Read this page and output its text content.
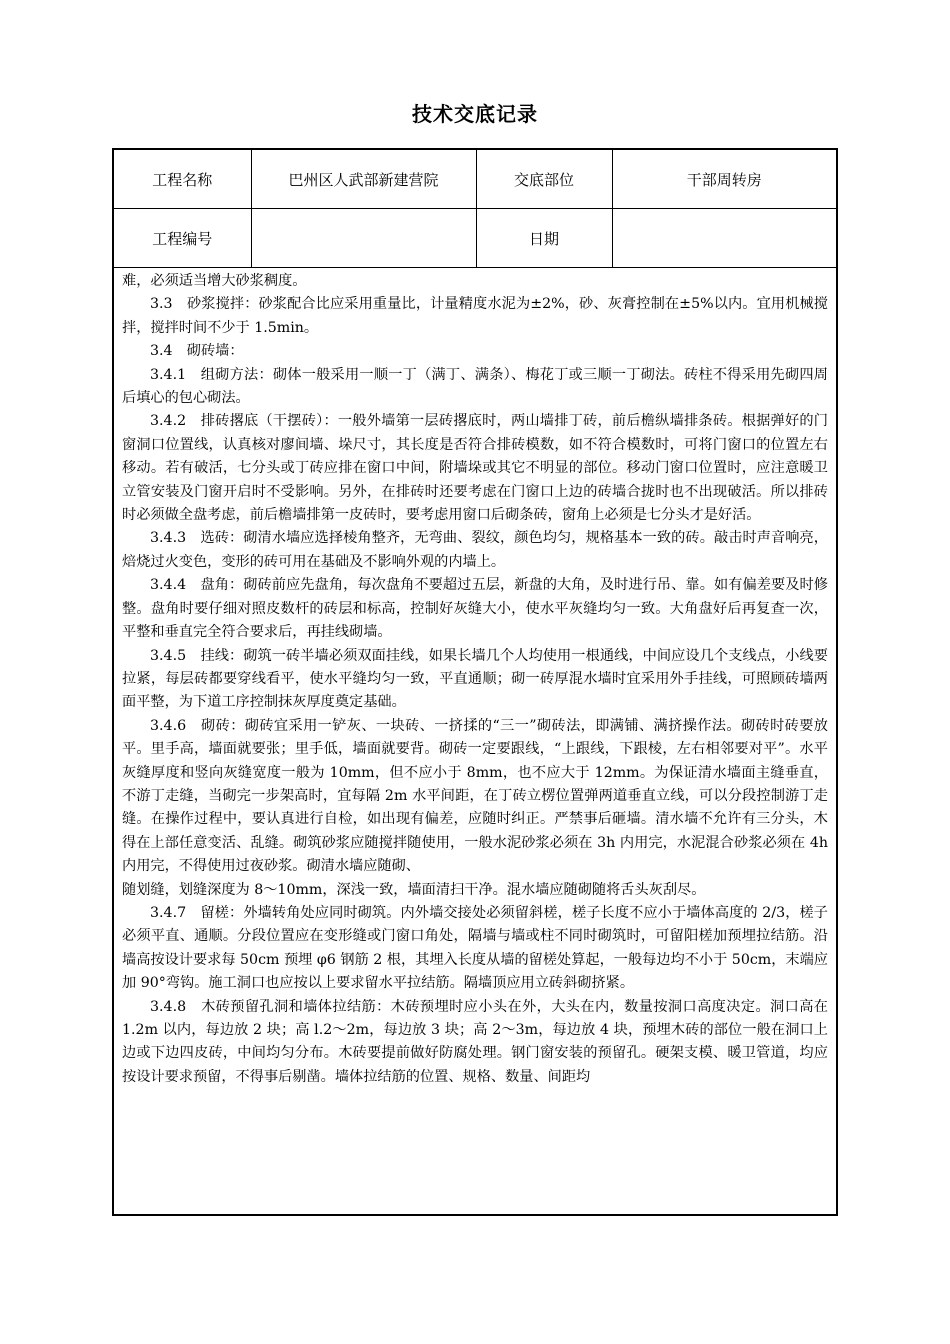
技术交底记录
工程名称	巴州区人武部新建营院	交底部位	干部周转房
工程编号		日期	

难，必须适当增大砂浆稠度。

3.3　砂浆搅拌：砂浆配合比应采用重量比，计量精度水泥为±2%，砂、灰膏控制在±5%以内。宜用机械搅拌，搅拌时间不少于 1.5min。

3.4　砌砖墙：

3.4.1　组砌方法：砌体一般采用一顺一丁（满丁、满条）、梅花丁或三顺一丁砌法。砖柱不得采用先砌四周后填心的包心砌法。

3.4.2　排砖撂底（干摆砖）：一般外墙第一层砖撂底时，两山墙排丁砖，前后檐纵墙排条砖。根据弹好的门窗洞口位置线，认真核对廖间墙、垛尺寸，其长度是否符合排砖模数，如不符合模数时，可将门窗口的位置左右移动。若有破活，七分头或丁砖应排在窗口中间，附墙垛或其它不明显的部位。移动门窗口位置时，应注意暖卫立管安装及门窗开启时不受影响。另外，在排砖时还要考虑在门窗口上边的砖墙合拢时也不出现破活。所以排砖时必须做全盘考虑，前后檐墙排第一皮砖时，要考虑用窗口后砌条砖，窗角上必须是七分头才是好活。

3.4.3　选砖：砌清水墙应选择棱角整齐，无弯曲、裂纹，颜色均匀，规格基本一致的砖。敲击时声音响亮，焙烧过火变色，变形的砖可用在基础及不影响外观的内墙上。

3.4.4　盘角：砌砖前应先盘角，每次盘角不要超过五层，新盘的大角，及时进行吊、靠。如有偏差要及时修整。盘角时要仔细对照皮数杆的砖层和标高，控制好灰缝大小，使水平灰缝均匀一致。大角盘好后再复查一次，平整和垂直完全符合要求后，再挂线砌墙。

3.4.5　挂线：砌筑一砖半墙必须双面挂线，如果长墙几个人均使用一根通线，中间应设几个支线点，小线要拉紧，每层砖都要穿线看平，使水平缝均匀一致，平直通顺；砌一砖厚混水墙时宜采用外手挂线，可照顾砖墙两面平整，为下道工序控制抹灰厚度奠定基础。

3.4.6　砌砖：砌砖宜采用一铲灰、一块砖、一挤揉的“三一”砌砖法，即满铺、满挤操作法。砌砖时砖要放平。里手高，墙面就要张；里手低，墙面就要背。砌砖一定要跟线，“上跟线，下跟棱，左右相邻要对平”。水平灰缝厚度和竖向灰缝宽度一般为 10mm，但不应小于 8mm，也不应大于 12mm。为保证清水墙面主缝垂直，不游丁走缝，当砌完一步架高时，宜每隔 2m 水平间距，在丁砖立楞位置弹两道垂直立线，可以分段控制游丁走缝。在操作过程中，要认真进行自检，如出现有偏差，应随时纠正。严禁事后砸墙。清水墙不允许有三分头，木得在上部任意变活、乱缝。砌筑砂浆应随搅拌随使用，一般水泥砂浆必须在 3h 内用完，水泥混合砂浆必须在 4h 内用完，不得使用过夜砂浆。砌清水墙应随砌、

随划缝，划缝深度为 8～10mm，深浅一致，墙面清扫干净。混水墙应随砌随将舌头灰刮尽。

3.4.7　留槎：外墙转角处应同时砌筑。内外墙交接处必须留斜槎，槎子长度不应小于墙体高度的 2/3，槎子必须平直、通顺。分段位置应在变形缝或门窗口角处，隔墙与墙或柱不同时砌筑时，可留阳槎加预埋拉结筋。沿墙高按设计要求每 50cm 预埋 φ6 钢筋 2 根，其埋入长度从墙的留槎处算起，一般每边均不小于 50cm，末端应加 90°弯钩。施工洞口也应按以上要求留水平拉结筋。隔墙顶应用立砖斜砌挤紧。

3.4.8　木砖预留孔洞和墙体拉结筋：木砖预埋时应小头在外，大头在内，数量按洞口高度决定。洞口高在 1.2m 以内，每边放 2 块；高 l.2～2m，每边放 3 块；高 2～3m，每边放 4 块，预埋木砖的部位一般在洞口上边或下边四皮砖，中间均匀分布。木砖要提前做好防腐处理。钢门窗安装的预留孔。硬架支模、暖卫管道，均应按设计要求预留，不得事后剔凿。墙体拉结筋的位置、规格、数量、间距均
